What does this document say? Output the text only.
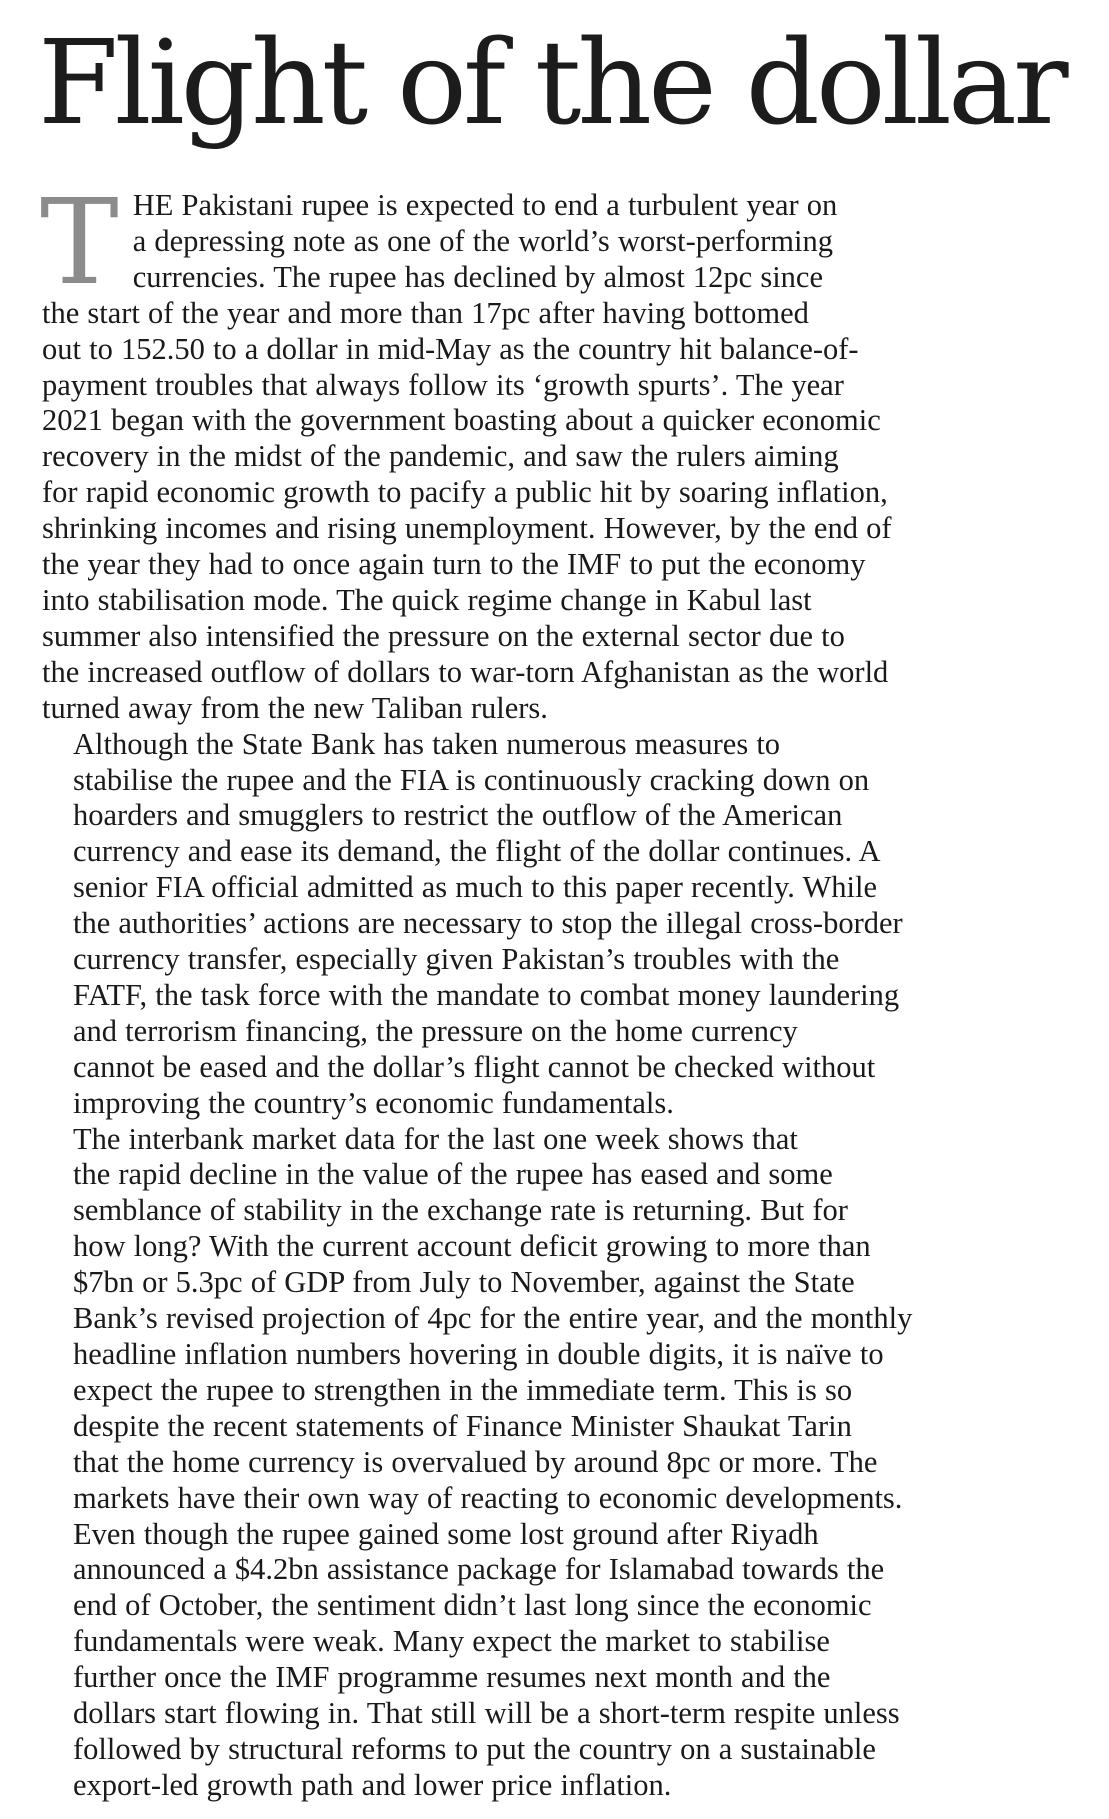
Flight of the dollar

T HE Pakistani rupee is expected to end a turbulent year on
a depressing note as one of the world’s worst-performing
currencies. The rupee has declined by almost 12pc since
the start of the year and more than 17pc after having bottomed
out to 152.50 to a dollar in mid-May as the country hit balance-of-
payment troubles that always follow its ‘growth spurts’. The year
2021 began with the government boasting about a quicker economic
recovery in the midst of the pandemic, and saw the rulers aiming
for rapid economic growth to pacify a public hit by soaring inflation,
shrinking incomes and rising unemployment. However, by the end of
the year they had to once again turn to the IMF to put the economy
into stabilisation mode. The quick regime change in Kabul last
summer also intensified the pressure on the external sector due to
the increased outflow of dollars to war-torn Afghanistan as the world
turned away from the new Taliban rulers.

Although the State Bank has taken numerous measures to
stabilise the rupee and the FIA is continuously cracking down on
hoarders and smugglers to restrict the outflow of the American
currency and ease its demand, the flight of the dollar continues. A
senior FIA official admitted as much to this paper recently. While
the authorities’ actions are necessary to stop the illegal cross-border
currency transfer, especially given Pakistan’s troubles with the
FATF, the task force with the mandate to combat money laundering
and terrorism financing, the pressure on the home currency
cannot be eased and the dollar’s flight cannot be checked without
improving the country’s economic fundamentals.

The interbank market data for the last one week shows that
the rapid decline in the value of the rupee has eased and some
semblance of stability in the exchange rate is returning. But for
how long? With the current account deficit growing to more than
$7bn or 5.3pc of GDP from July to November, against the State
Bank’s revised projection of 4pc for the entire year, and the monthly
headline inflation numbers hovering in double digits, it is naïve to
expect the rupee to strengthen in the immediate term. This is so
despite the recent statements of Finance Minister Shaukat Tarin
that the home currency is overvalued by around 8pc or more. The
markets have their own way of reacting to economic developments.
Even though the rupee gained some lost ground after Riyadh
announced a $4.2bn assistance package for Islamabad towards the
end of October, the sentiment didn’t last long since the economic
fundamentals were weak. Many expect the market to stabilise
further once the IMF programme resumes next month and the
dollars start flowing in. That still will be a short-term respite unless
followed by structural reforms to put the country on a sustainable
export-led growth path and lower price inflation.
